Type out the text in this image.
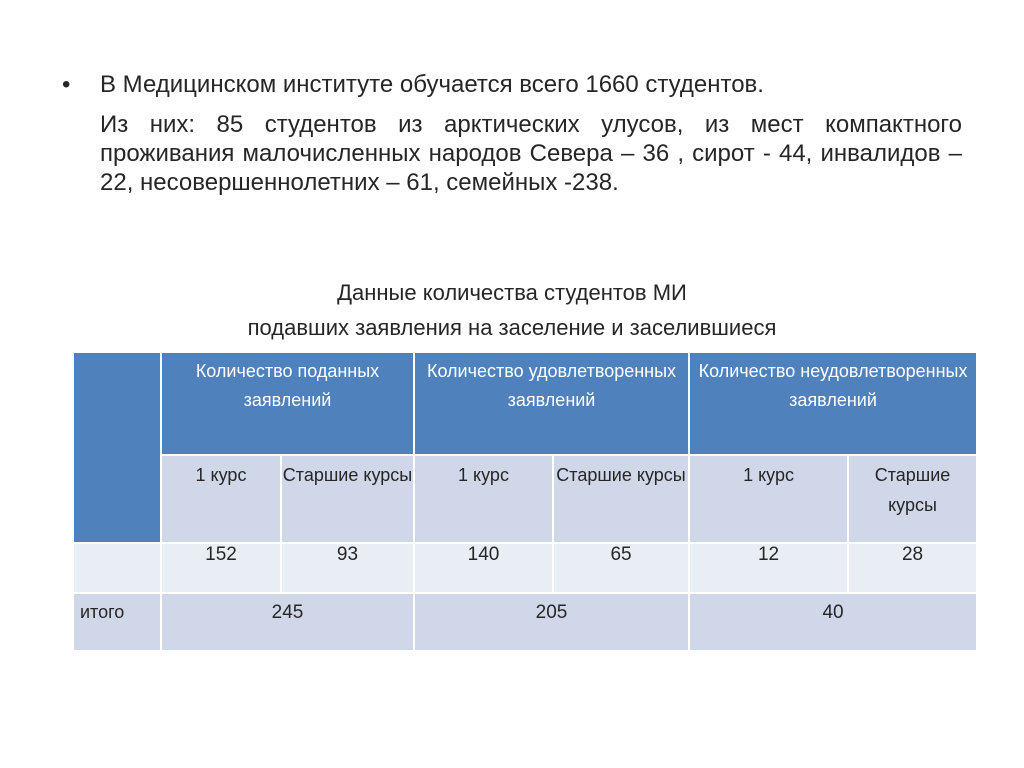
• В Медицинском институте обучается всего 1660 студентов.
Из них: 85 студентов из арктических улусов, из мест компактного проживания малочисленных народов Севера – 36 , сирот - 44, инвалидов – 22, несовершеннолетних – 61, семейных -238.
Данные количества студентов МИ
подавших заявления на заселение и заселившиеся
	Количество поданных заявлений		Количество удовлетворенных заявлений		Количество неудовлетворенных заявлений	
	1 курс	Старшие курсы	1 курс	Старшие курсы	1 курс	Старшие курсы
	152	93	140	65	12	28
итого	245		205		40	
